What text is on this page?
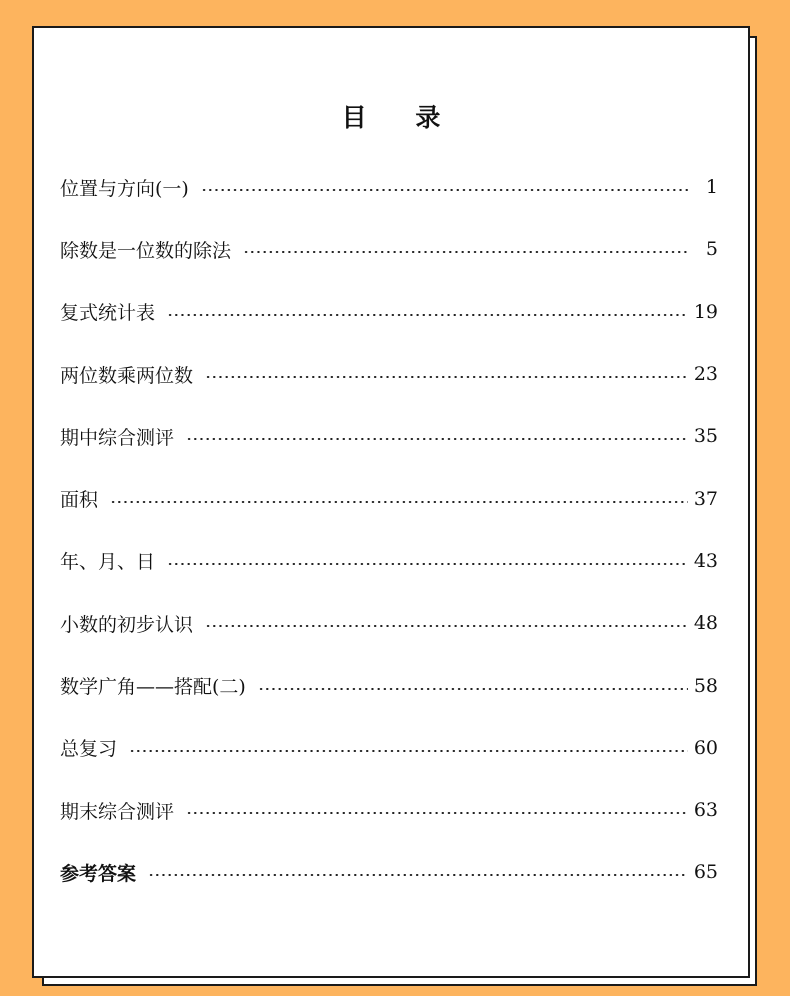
目 录
位置与方向(一)	1
除数是一位数的除法	5
复式统计表	19
两位数乘两位数	23
期中综合测评	35
面积	37
年、月、日	43
小数的初步认识	48
数学广角——搭配(二)	58
总复习	60
期末综合测评	63
参考答案	65
